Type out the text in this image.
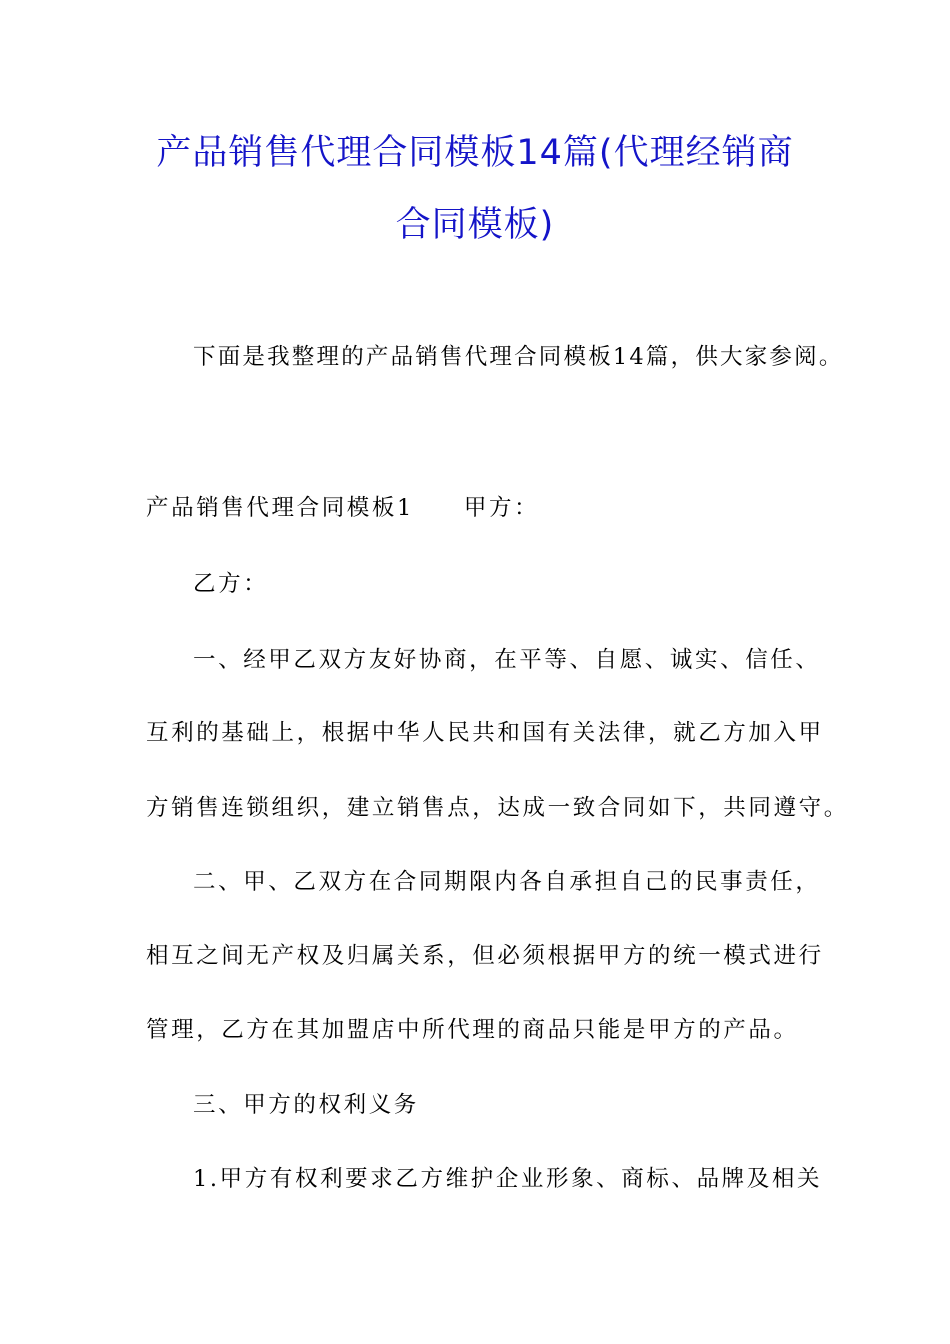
产品销售代理合同模板14篇(代理经销商
合同模板)
下面是我整理的产品销售代理合同模板14篇，供大家参阅。
产品销售代理合同模板1 甲方：
乙方：
一、经甲乙双方友好协商，在平等、自愿、诚实、信任、
互利的基础上，根据中华人民共和国有关法律，就乙方加入甲
方销售连锁组织，建立销售点，达成一致合同如下，共同遵守。
二、甲、乙双方在合同期限内各自承担自己的民事责任，
相互之间无产权及归属关系，但必须根据甲方的统一模式进行
管理，乙方在其加盟店中所代理的商品只能是甲方的产品。
三、甲方的权利义务
1.甲方有权利要求乙方维护企业形象、商标、品牌及相关
